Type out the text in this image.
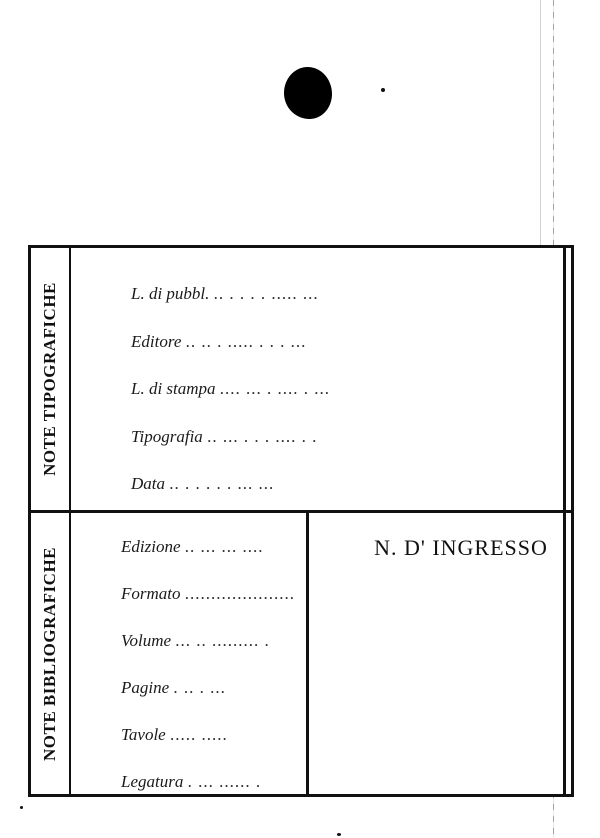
NOTE TIPOGRAFICHE	L. di pubbl. .. . . . . ..... ...
Editore .. .. . ..... . . . ...
L. di stampa .... ... . .... . ...
Tipografia .. ... . . . .... . .
Data .. . . . . . ... ...
NOTE BIBLIOGRAFICHE	Edizione .. ... ... ....
Formato .....................
Volume ... .. ......... .
Pagine . .. . ...
Tavole ..... .....
Legatura . ... ...... .
N. D' INGRESSO
